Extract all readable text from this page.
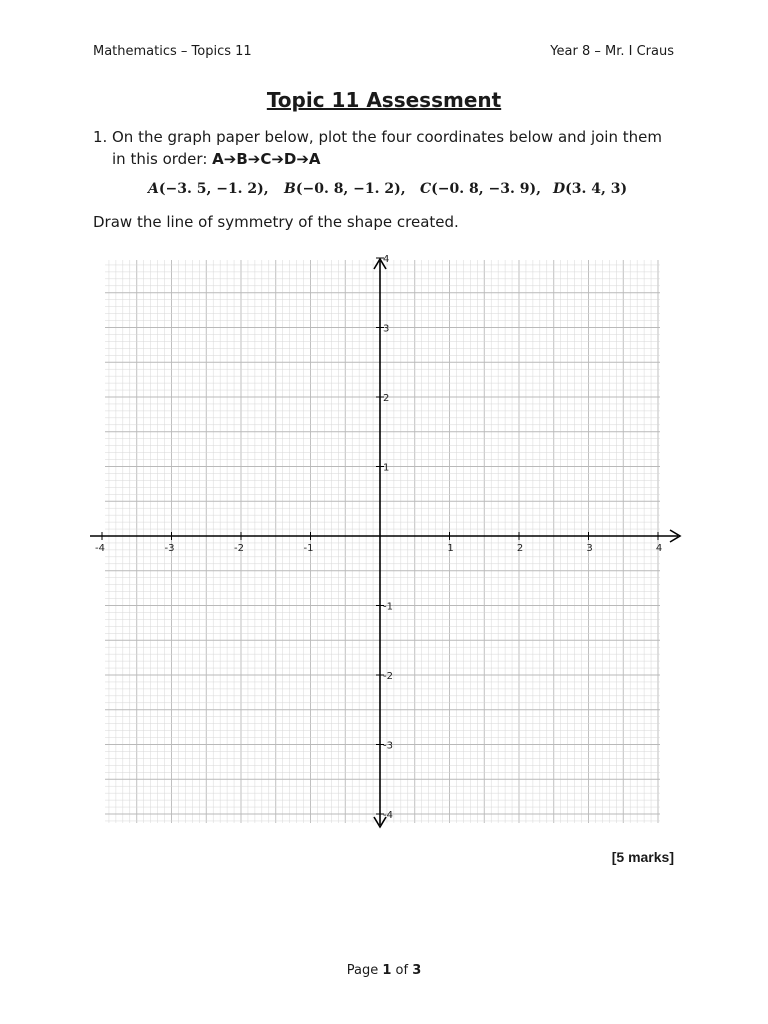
Mathematics – Topics 11	Year 8 – Mr. I Craus
Topic 11 Assessment
1. On the graph paper below, plot the four coordinates below and join them
in this order: A➔B➔C➔D➔A
A(−3. 5, −1. 2), B(−0. 8, −1. 2), C(−0. 8, −3. 9), D(3. 4, 3)
Draw the line of symmetry of the shape created.
-4	-3	-2	-1	1	2	3	4
4
3
2
1
-1
-2
-3
-4
[5 marks]
Page 1 of 3
